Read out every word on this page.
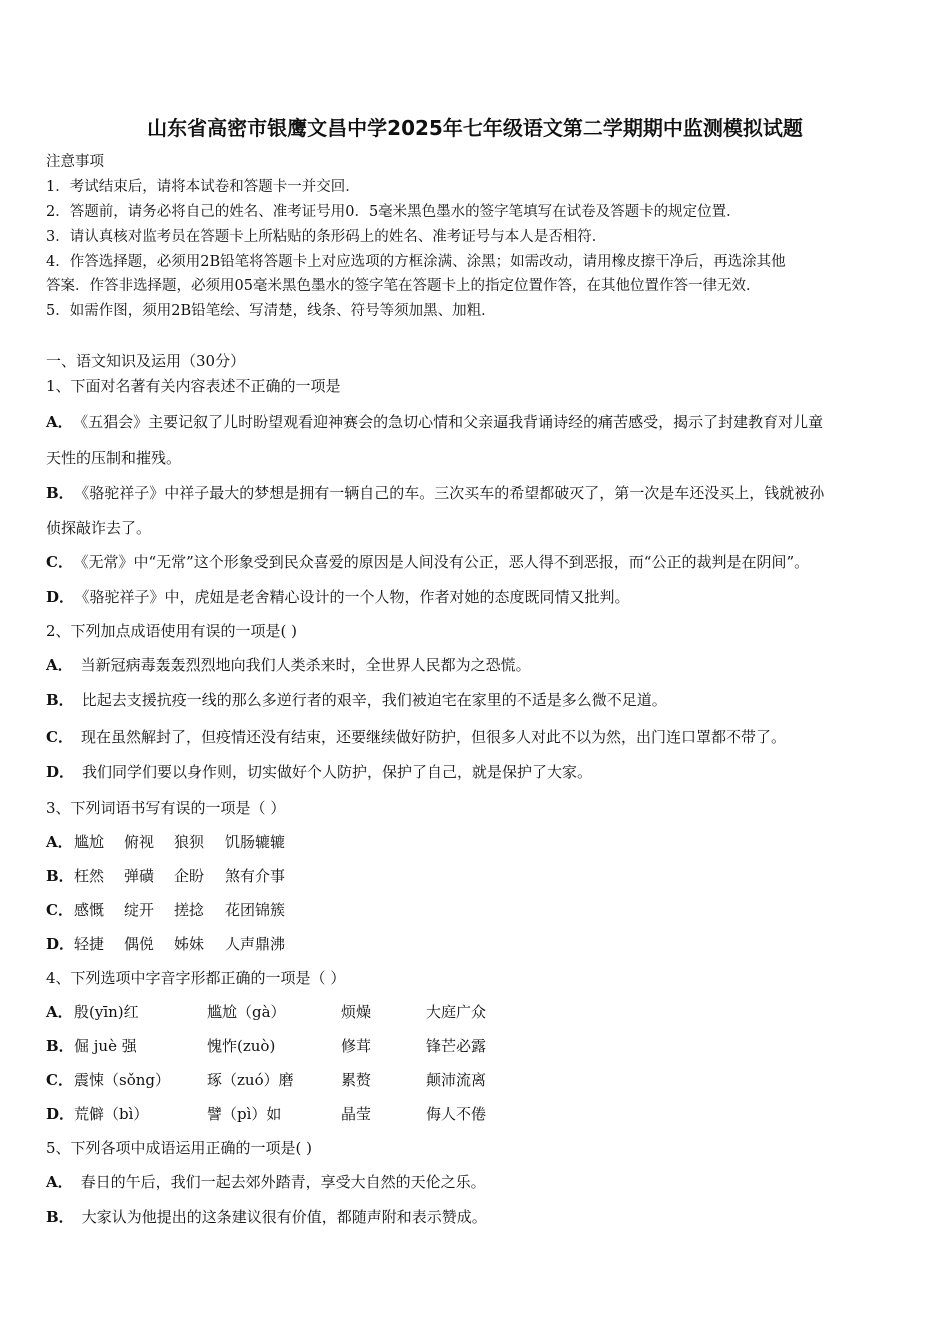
山东省高密市银鹰文昌中学2025年七年级语文第二学期期中监测模拟试题
注意事项
1．考试结束后，请将本试卷和答题卡一并交回．
2．答题前，请务必将自己的姓名、准考证号用0．5毫米黑色墨水的签字笔填写在试卷及答题卡的规定位置．
3．请认真核对监考员在答题卡上所粘贴的条形码上的姓名、准考证号与本人是否相符．
4．作答选择题，必须用2B铅笔将答题卡上对应选项的方框涂满、涂黑；如需改动，请用橡皮擦干净后，再选涂其他
答案．作答非选择题，必须用05毫米黑色墨水的签字笔在答题卡上的指定位置作答，在其他位置作答一律无效．
5．如需作图，须用2B铅笔绘、写清楚，线条、符号等须加黑、加粗．
一、语文知识及运用（30分）
1、下面对名著有关内容表述不正确的一项是
A． 《五猖会》主要记叙了儿时盼望观看迎神赛会的急切心情和父亲逼我背诵诗经的痛苦感受，揭示了封建教育对儿童
天性的压制和摧残。
B． 《骆驼祥子》中祥子最大的梦想是拥有一辆自己的车。三次买车的希望都破灭了，第一次是车还没买上，钱就被孙
侦探敲诈去了。
C． 《无常》中“无常”这个形象受到民众喜爱的原因是人间没有公正，恶人得不到恶报，而“公正的裁判是在阴间”。
D． 《骆驼祥子》中，虎妞是老舍精心设计的一个人物，作者对她的态度既同情又批判。
2、下列加点成语使用有误的一项是( )
A． 当新冠病毒轰轰烈烈地向我们人类杀来时，全世界人民都为之恐慌。
B． 比起去支援抗疫一线的那么多逆行者的艰辛，我们被迫宅在家里的不适是多么微不足道。
C． 现在虽然解封了，但疫情还没有结束，还要继续做好防护，但很多人对此不以为然，出门连口罩都不带了。
D． 我们同学们要以身作则，切实做好个人防护，保护了自己，就是保护了大家。
3、下列词语书写有误的一项是（ ）
A． 尴尬 俯视 狼狈 饥肠辘辘
B． 枉然 弹磺 企盼 煞有介事
C． 感慨 绽开 搓捻 花团锦簇
D． 轻捷 偶侻 姊妹 人声鼎沸
4、下列选项中字音字形都正确的一项是（ ）
A． 殷(yīn)红	尴尬（gà）	烦燥	大庭广众
B． 倔 juè 强	愧怍(zuò)	修茸	锋芒必露
C． 震悚（sǒng） 琢（zuó）磨	累赘	颠沛流离
D． 荒僻（bì）	譬（pì）如	晶莹	侮人不倦
5、下列各项中成语运用正确的一项是( )
A． 春日的午后，我们一起去郊外踏青，享受大自然的天伦之乐。
B． 大家认为他提出的这条建议很有价值，都随声附和表示赞成。
